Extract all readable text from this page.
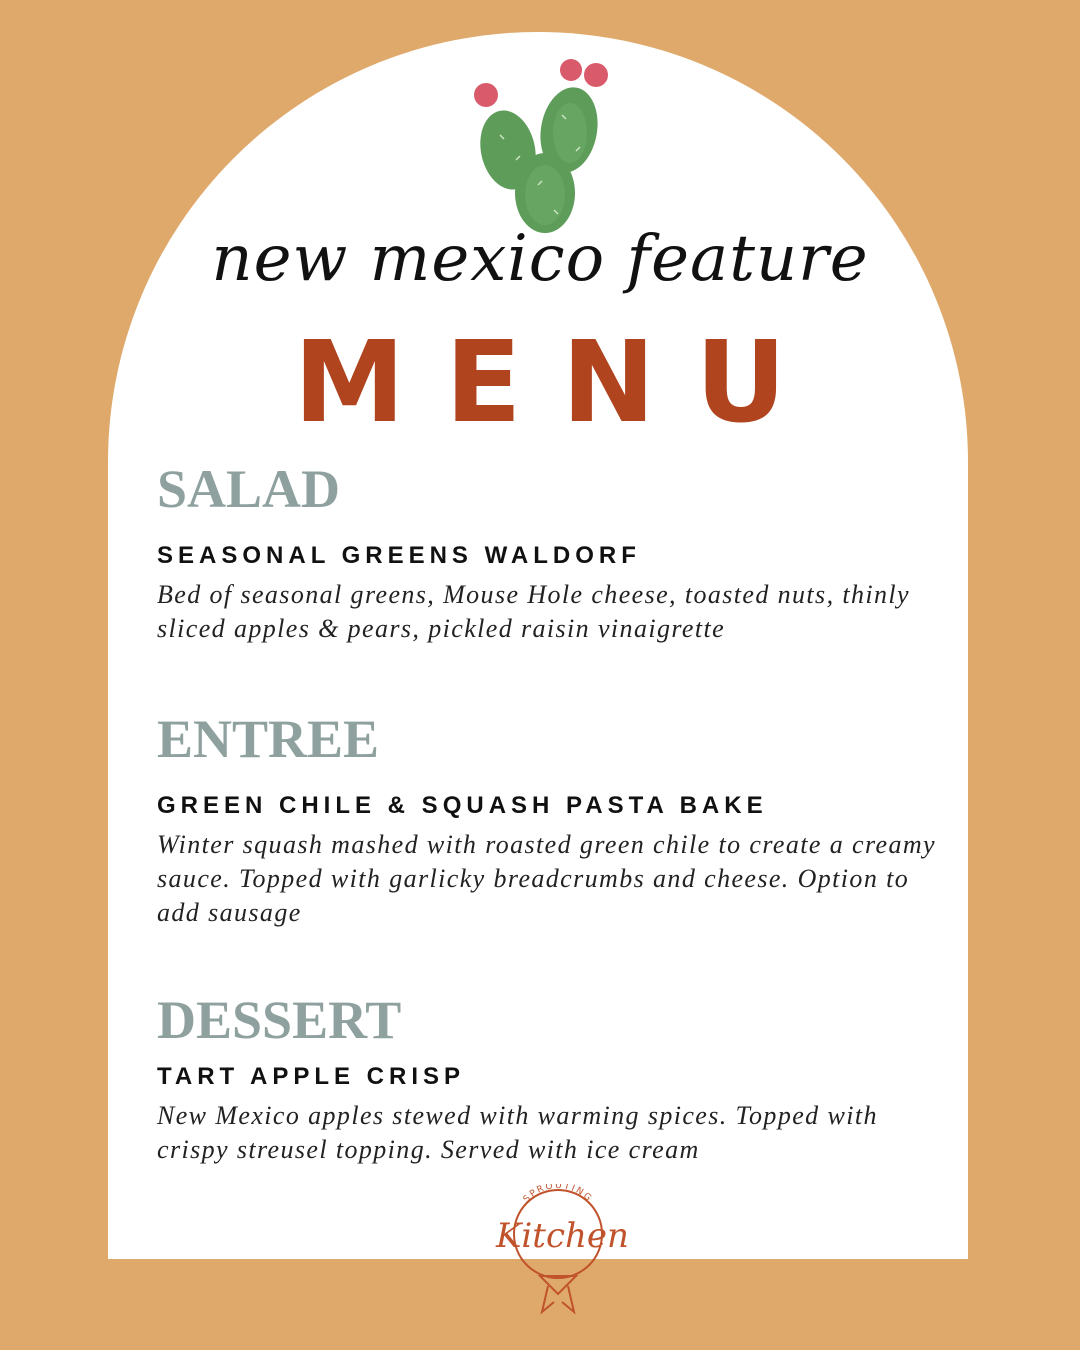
new mexico feature
MENU
SALAD
SEASONAL GREENS WALDORF
Bed of seasonal greens, Mouse Hole cheese, toasted nuts, thinly sliced apples & pears, pickled raisin vinaigrette
ENTREE
GREEN CHILE & SQUASH PASTA BAKE
Winter squash mashed with roasted green chile to create a creamy sauce. Topped with garlicky breadcrumbs and cheese. Option to add sausage
DESSERT
TART APPLE CRISP
New Mexico apples stewed with warming spices. Topped with crispy streusel topping. Served with ice cream
SPROUTING
Kitchen
